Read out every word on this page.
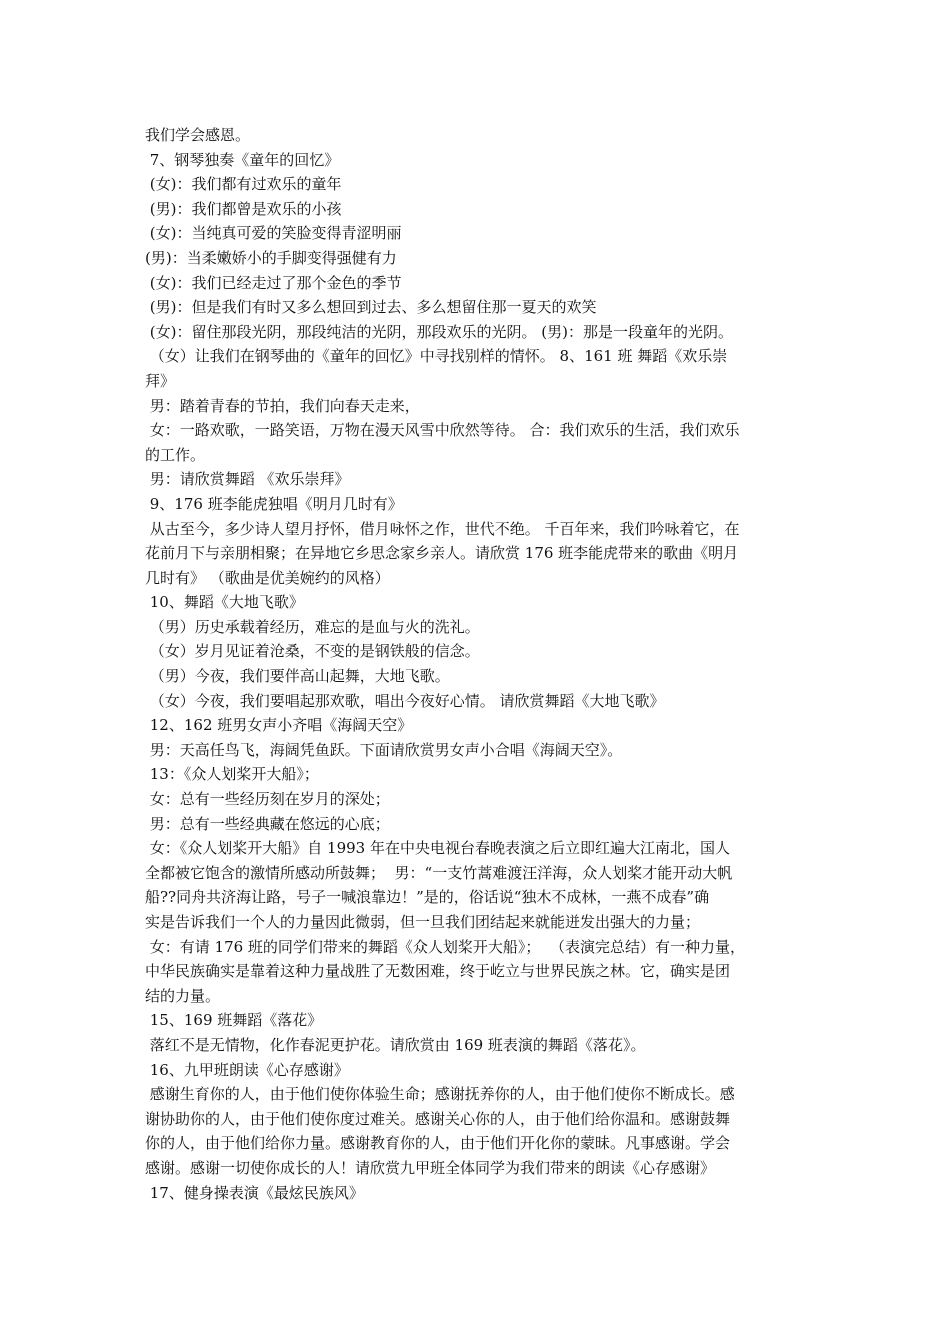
我们学会感恩。
7、钢琴独奏《童年的回忆》
(女)：我们都有过欢乐的童年
(男)：我们都曾是欢乐的小孩
(女)：当纯真可爱的笑脸变得青涩明丽
(男)：当柔嫩娇小的手脚变得强健有力
(女)：我们已经走过了那个金色的季节
(男)：但是我们有时又多么想回到过去、多么想留住那一夏天的欢笑
(女)：留住那段光阴，那段纯洁的光阴，那段欢乐的光阴。 (男)：那是一段童年的光阴。
（女）让我们在钢琴曲的《童年的回忆》中寻找别样的情怀。 8、161 班 舞蹈《欢乐崇
拜》
男：踏着青春的节拍，我们向春天走来，
女：一路欢歌，一路笑语，万物在漫天风雪中欣然等待。 合：我们欢乐的生活，我们欢乐
的工作。
男：请欣赏舞蹈 《欢乐崇拜》
9、176 班李能虎独唱《明月几时有》
从古至今，多少诗人望月抒怀，借月咏怀之作，世代不绝。 千百年来，我们吟咏着它，在
花前月下与亲朋相聚；在异地它乡思念家乡亲人。请欣赏 176 班李能虎带来的歌曲《明月
几时有》 （歌曲是优美婉约的风格）
10、舞蹈《大地飞歌》
（男）历史承载着经历，难忘的是血与火的洗礼。
（女）岁月见证着沧桑，不变的是钢铁般的信念。
（男）今夜，我们要伴高山起舞，大地飞歌。
（女）今夜，我们要唱起那欢歌，唱出今夜好心情。 请欣赏舞蹈《大地飞歌》
12、162 班男女声小齐唱《海阔天空》
男：天高任鸟飞，海阔凭鱼跃。下面请欣赏男女声小合唱《海阔天空》。
13：《众人划桨开大船》；
女：总有一些经历刻在岁月的深处；
男：总有一些经典藏在悠远的心底；
女：《众人划桨开大船》自 1993 年在中央电视台春晚表演之后立即红遍大江南北，国人
全都被它饱含的激情所感动所鼓舞；  男：“一支竹蒿难渡汪洋海，众人划桨才能开动大帆
船??同舟共济海让路，号子一喊浪靠边！”是的，俗话说“独木不成林，一燕不成春”确
实是告诉我们一个人的力量因此微弱，但一旦我们团结起来就能迸发出强大的力量；
女：有请 176 班的同学们带来的舞蹈《众人划桨开大船》；  （表演完总结）有一种力量，
中华民族确实是靠着这种力量战胜了无数困难，终于屹立与世界民族之林。它，确实是团
结的力量。
15、169 班舞蹈《落花》
落红不是无情物，化作春泥更护花。请欣赏由 169 班表演的舞蹈《落花》。
16、九甲班朗读《心存感谢》
感谢生育你的人，由于他们使你体验生命；感谢抚养你的人，由于他们使你不断成长。感
谢协助你的人，由于他们使你度过难关。感谢关心你的人，由于他们给你温和。感谢鼓舞
你的人，由于他们给你力量。感谢教育你的人，由于他们开化你的蒙昧。凡事感谢。学会
感谢。感谢一切使你成长的人！请欣赏九甲班全体同学为我们带来的朗读《心存感谢》
17、健身操表演《最炫民族风》
